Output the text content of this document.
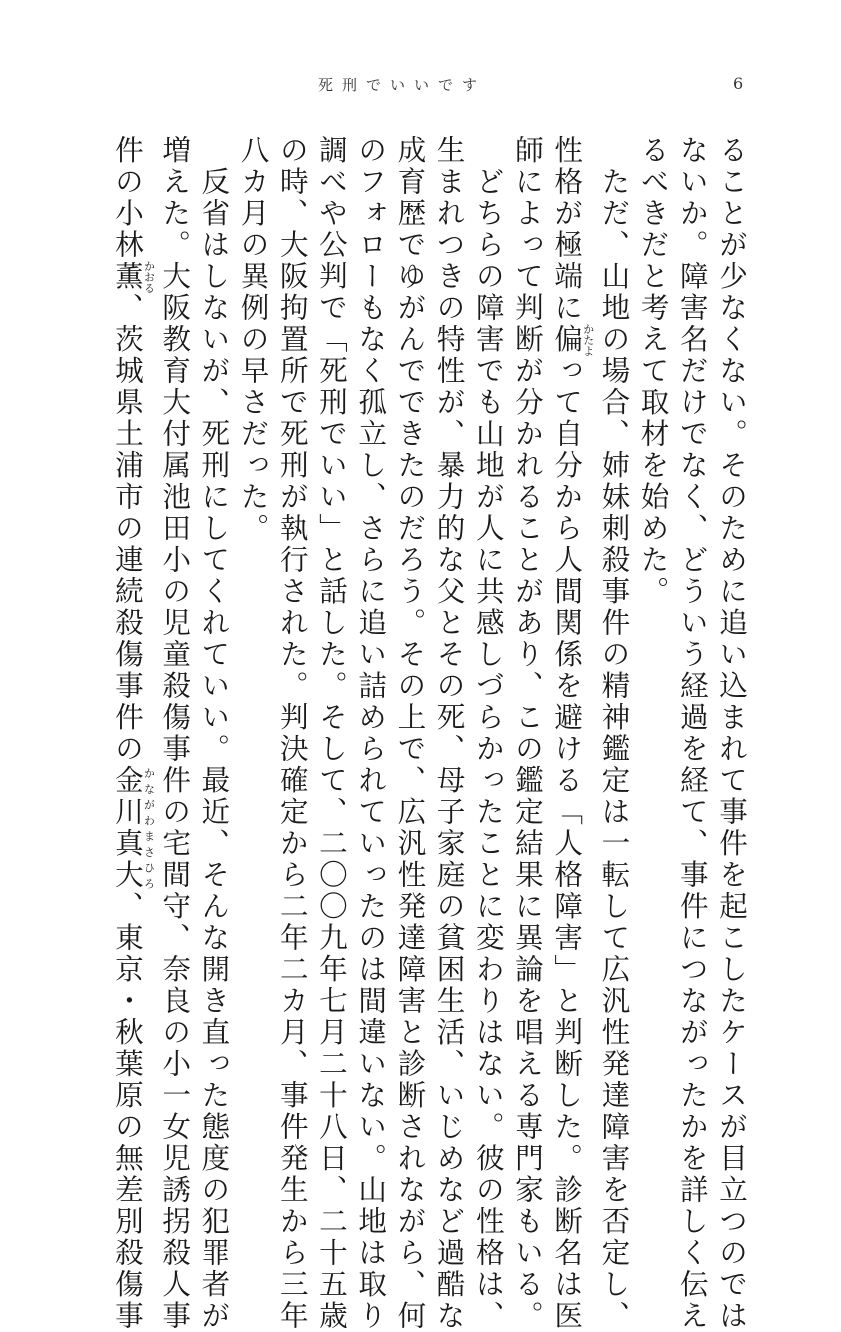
死刑でいいです	6
ることが少なくない。そのために追い込まれて事件を起こしたケースが目立つのでは
ないか。障害名だけでなく、どういう経過を経て、事件につながったかを詳しく伝え
るべきだと考えて取材を始めた。
　ただ、山地の場合、姉妹刺殺事件の精神鑑定は一転して広汎性発達障害を否定し、
性格が極端に偏かたよって自分から人間関係を避ける「人格障害」と判断した。診断名は医
師によって判断が分かれることがあり、この鑑定結果に異論を唱える専門家もいる。
　どちらの障害でも山地が人に共感しづらかったことに変わりはない。彼の性格は、
生まれつきの特性が、暴力的な父とその死、母子家庭の貧困生活、いじめなど過酷な
成育歴でゆがんでできたのだろう。その上で、広汎性発達障害と診断されながら、何
のフォローもなく孤立し、さらに追い詰められていったのは間違いない。山地は取り
調べや公判で「死刑でいい」と話した。そして、二〇〇九年七月二十八日、二十五歳
の時、大阪拘置所で死刑が執行された。判決確定から二年二カ月、事件発生から三年
八カ月の異例の早さだった。
　反省はしないが、死刑にしてくれていい。最近、そんな開き直った態度の犯罪者が
増えた。大阪教育大付属池田小の児童殺傷事件の宅間守、奈良の小一女児誘拐殺人事
件の小林薫かおる、茨城県土浦市の連続殺傷事件の金川真大かながわまさひろ、東京・秋葉原の無差別殺傷事
